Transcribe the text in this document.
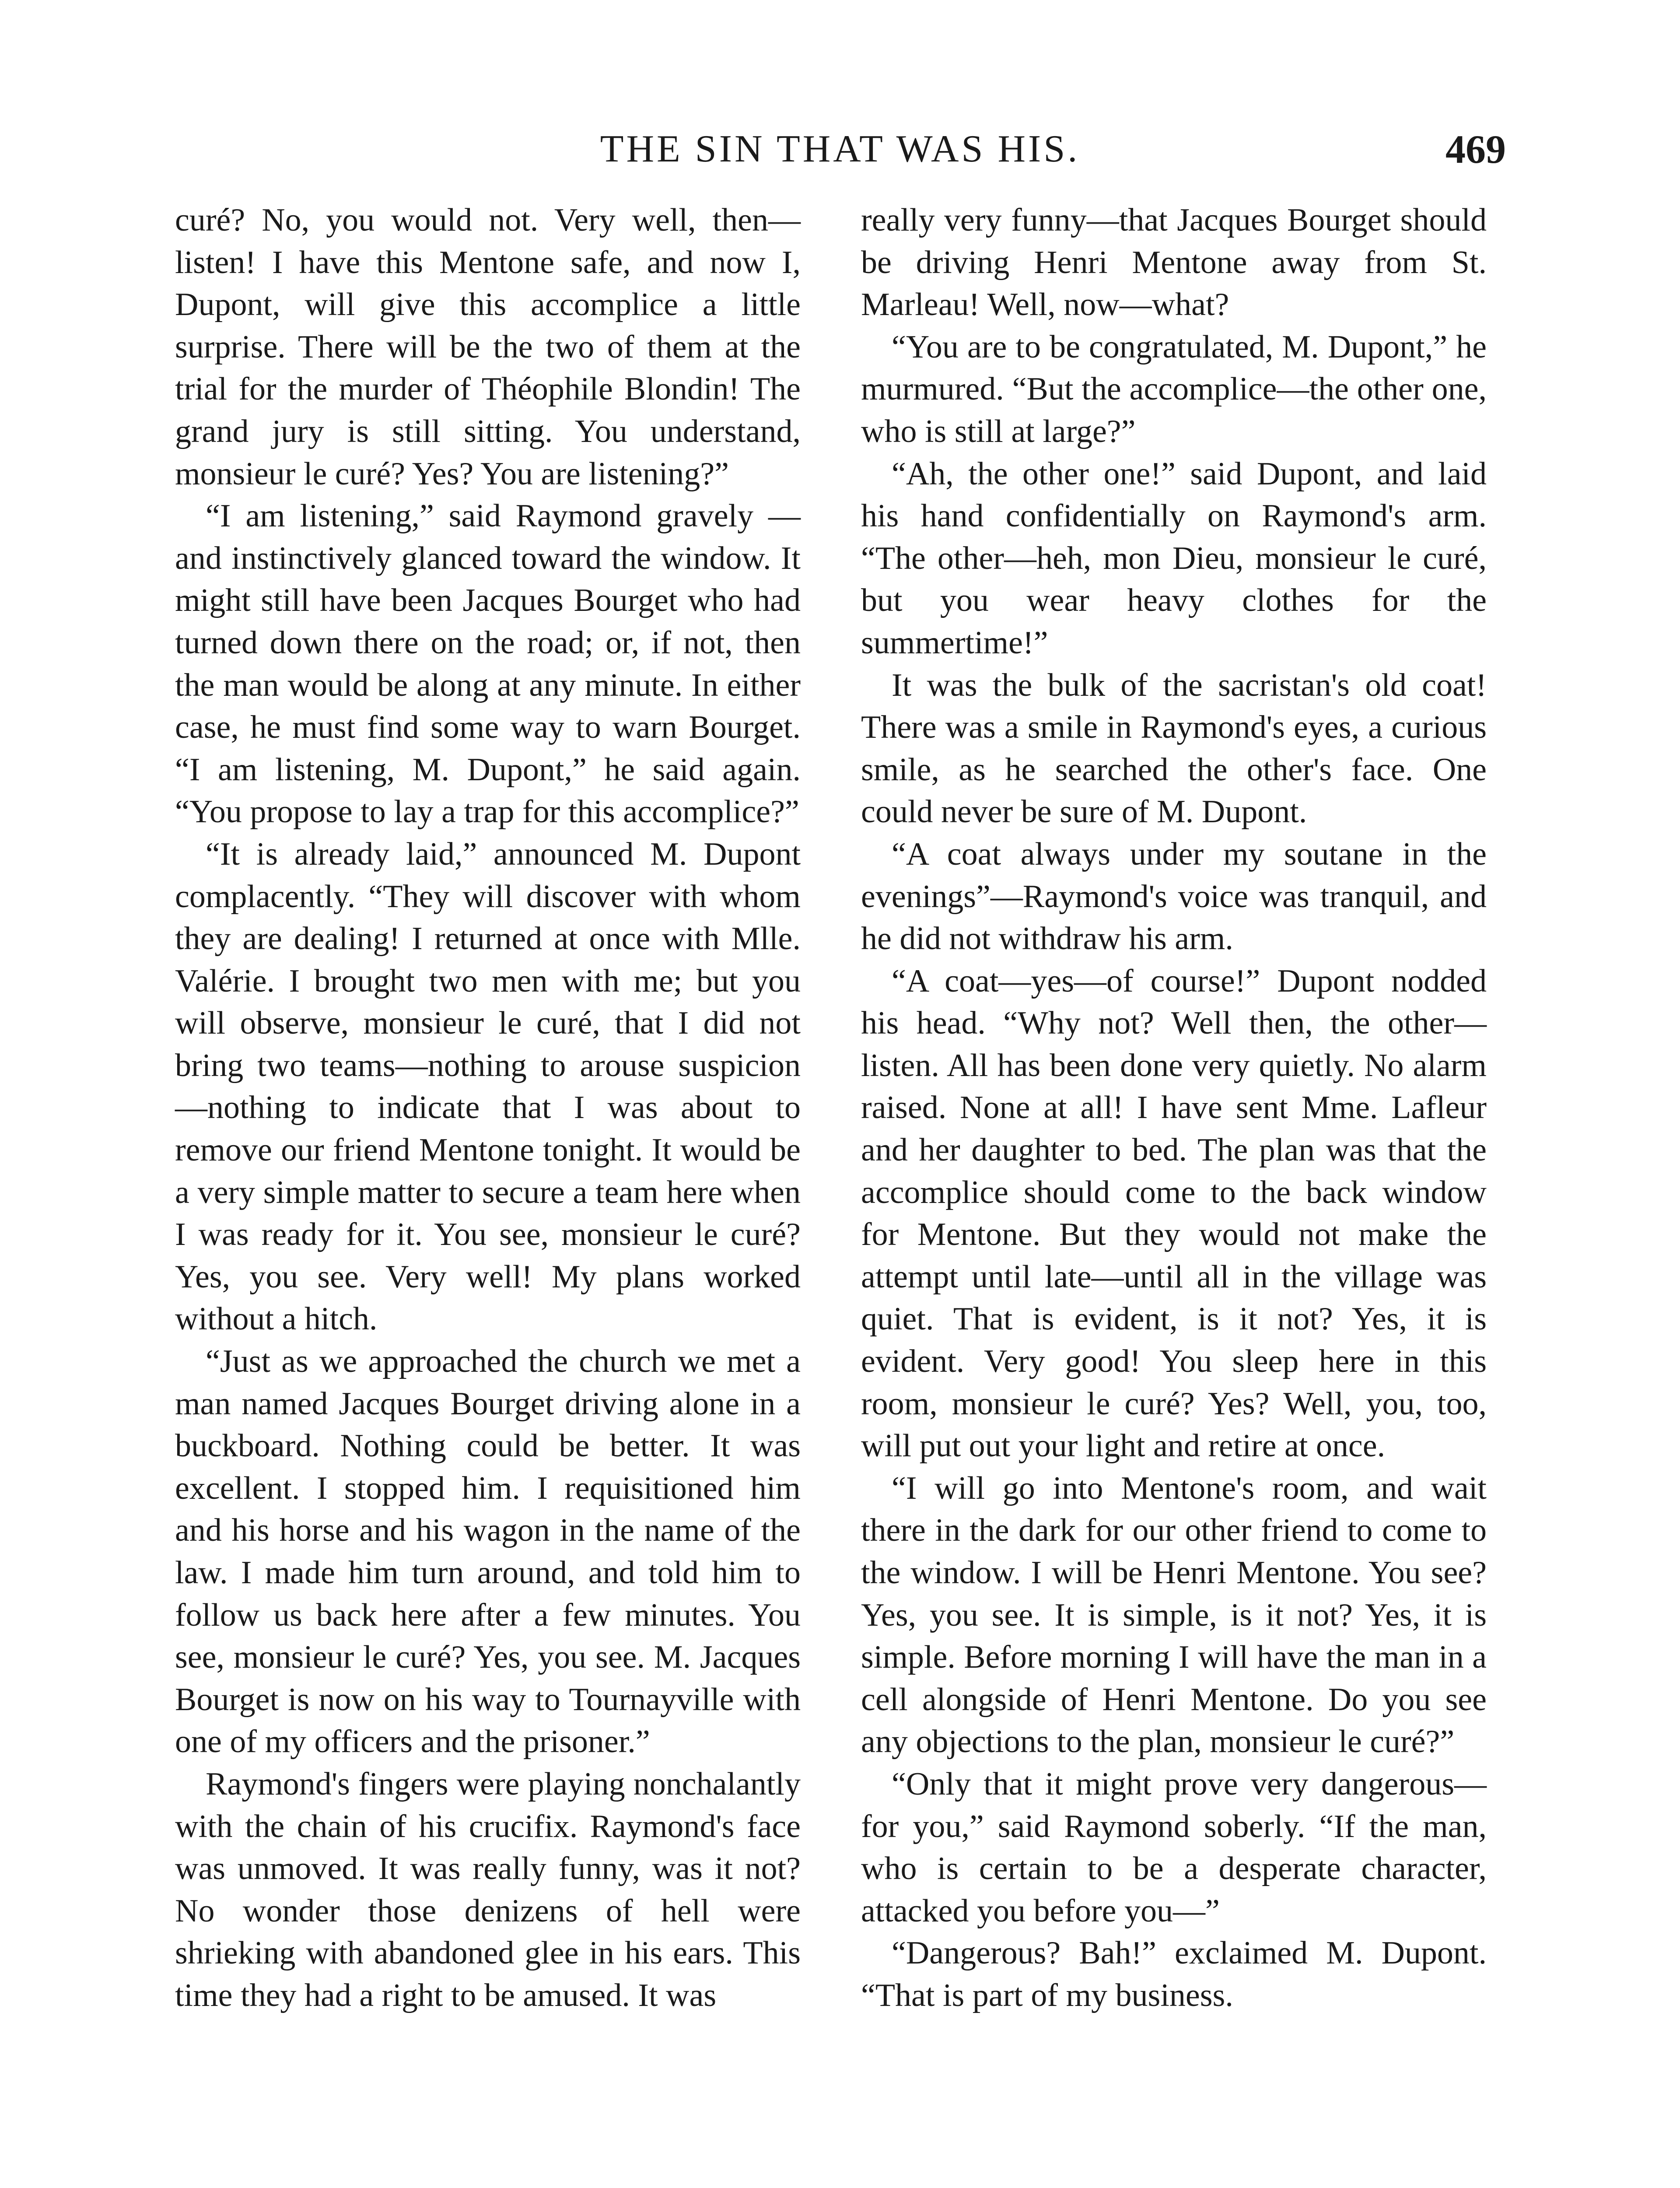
THE SIN THAT WAS HIS.	469

curé? No, you would not. Very well, then—listen! I have this Mentone safe, and now I, Dupont, will give this accomplice a little surprise. There will be the two of them at the trial for the murder of Théophile Blondin! The grand jury is still sitting. You understand, monsieur le curé? Yes? You are listening?”

“I am listening,” said Raymond gravely — and instinctively glanced toward the window. It might still have been Jacques Bourget who had turned down there on the road; or, if not, then the man would be along at any minute. In either case, he must find some way to warn Bourget. “I am listening, M. Dupont,” he said again. “You propose to lay a trap for this accomplice?”

“It is already laid,” announced M. Dupont complacently. “They will discover with whom they are dealing! I returned at once with Mlle. Valérie. I brought two men with me; but you will observe, monsieur le curé, that I did not bring two teams—nothing to arouse suspicion—nothing to indicate that I was about to remove our friend Mentone tonight. It would be a very simple matter to secure a team here when I was ready for it. You see, monsieur le curé? Yes, you see. Very well! My plans worked without a hitch.

“Just as we approached the church we met a man named Jacques Bourget driving alone in a buckboard. Nothing could be better. It was excellent. I stopped him. I requisitioned him and his horse and his wagon in the name of the law. I made him turn around, and told him to follow us back here after a few minutes. You see, monsieur le curé? Yes, you see. M. Jacques Bourget is now on his way to Tournayville with one of my officers and the prisoner.”

Raymond's fingers were playing nonchalantly with the chain of his crucifix. Raymond's face was unmoved. It was really funny, was it not? No wonder those denizens of hell were shrieking with abandoned glee in his ears. This time they had a right to be amused. It was

really very funny—that Jacques Bourget should be driving Henri Mentone away from St. Marleau! Well, now—what?

“You are to be congratulated, M. Dupont,” he murmured. “But the accomplice—the other one, who is still at large?”

“Ah, the other one!” said Dupont, and laid his hand confidentially on Raymond's arm. “The other—heh, mon Dieu, monsieur le curé, but you wear heavy clothes for the summertime!”

It was the bulk of the sacristan's old coat! There was a smile in Raymond's eyes, a curious smile, as he searched the other's face. One could never be sure of M. Dupont.

“A coat always under my soutane in the evenings”—Raymond's voice was tranquil, and he did not withdraw his arm.

“A coat—yes—of course!” Dupont nodded his head. “Why not? Well then, the other—listen. All has been done very quietly. No alarm raised. None at all! I have sent Mme. Lafleur and her daughter to bed. The plan was that the accomplice should come to the back window for Mentone. But they would not make the attempt until late—until all in the village was quiet. That is evident, is it not? Yes, it is evident. Very good! You sleep here in this room, monsieur le curé? Yes? Well, you, too, will put out your light and retire at once.

“I will go into Mentone's room, and wait there in the dark for our other friend to come to the window. I will be Henri Mentone. You see? Yes, you see. It is simple, is it not? Yes, it is simple. Before morning I will have the man in a cell alongside of Henri Mentone. Do you see any objections to the plan, monsieur le curé?”

“Only that it might prove very dangerous—for you,” said Raymond soberly. “If the man, who is certain to be a desperate character, attacked you before you—”

“Dangerous? Bah!” exclaimed M. Dupont. “That is part of my business.
